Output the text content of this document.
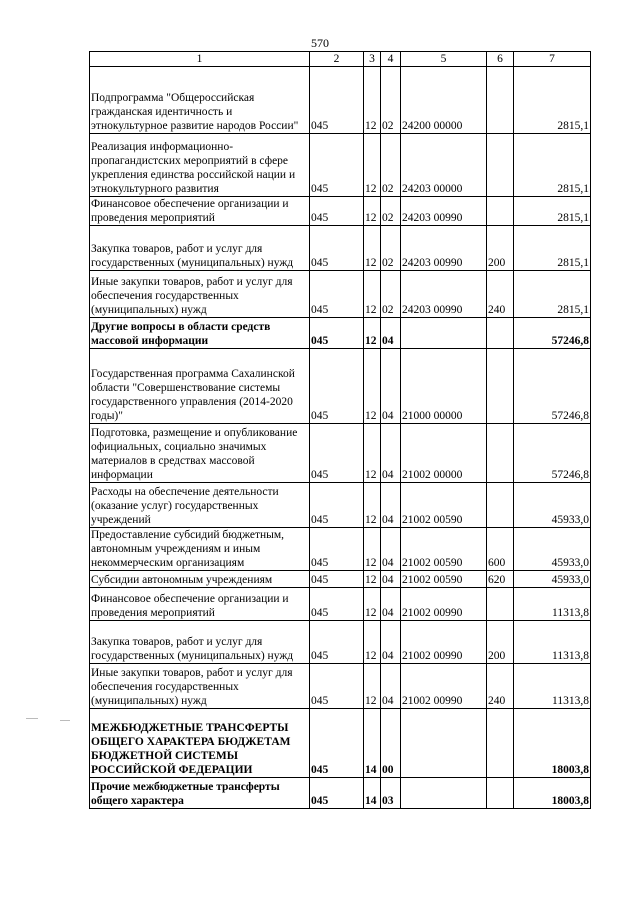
570
1	2	3	4	5	6	7
Подпрограмма "Общероссийская гражданская идентичность и этнокультурное развитие народов России"	045	12	02	24200 00000		2815,1
Реализация информационно-пропагандистских мероприятий в сфере укрепления единства российской нации и этнокультурного развития	045	12	02	24203 00000		2815,1
Финансовое обеспечение организации и проведения мероприятий	045	12	02	24203 00990		2815,1
Закупка товаров, работ и услуг для государственных (муниципальных) нужд	045	12	02	24203 00990	200	2815,1
Иные закупки товаров, работ и услуг для обеспечения государственных (муниципальных) нужд	045	12	02	24203 00990	240	2815,1
Другие вопросы в области средств массовой информации	045	12	04			57246,8
Государственная программа Сахалинской области "Совершенствование системы государственного управления (2014-2020 годы)"	045	12	04	21000 00000		57246,8
Подготовка, размещение и опубликование официальных, социально значимых материалов в средствах массовой информации	045	12	04	21002 00000		57246,8
Расходы на обеспечение деятельности (оказание услуг) государственных учреждений	045	12	04	21002 00590		45933,0
Предоставление субсидий бюджетным, автономным учреждениям и иным некоммерческим организациям	045	12	04	21002 00590	600	45933,0
Субсидии автономным учреждениям	045	12	04	21002 00590	620	45933,0
Финансовое обеспечение организации и проведения мероприятий	045	12	04	21002 00990		11313,8
Закупка товаров, работ и услуг для государственных (муниципальных) нужд	045	12	04	21002 00990	200	11313,8
Иные закупки товаров, работ и услуг для обеспечения государственных (муниципальных) нужд	045	12	04	21002 00990	240	11313,8
МЕЖБЮДЖЕТНЫЕ ТРАНСФЕРТЫ ОБЩЕГО ХАРАКТЕРА БЮДЖЕТАМ БЮДЖЕТНОЙ СИСТЕМЫ РОССИЙСКОЙ ФЕДЕРАЦИИ	045	14	00			18003,8
Прочие межбюджетные трансферты общего характера	045	14	03			18003,8
